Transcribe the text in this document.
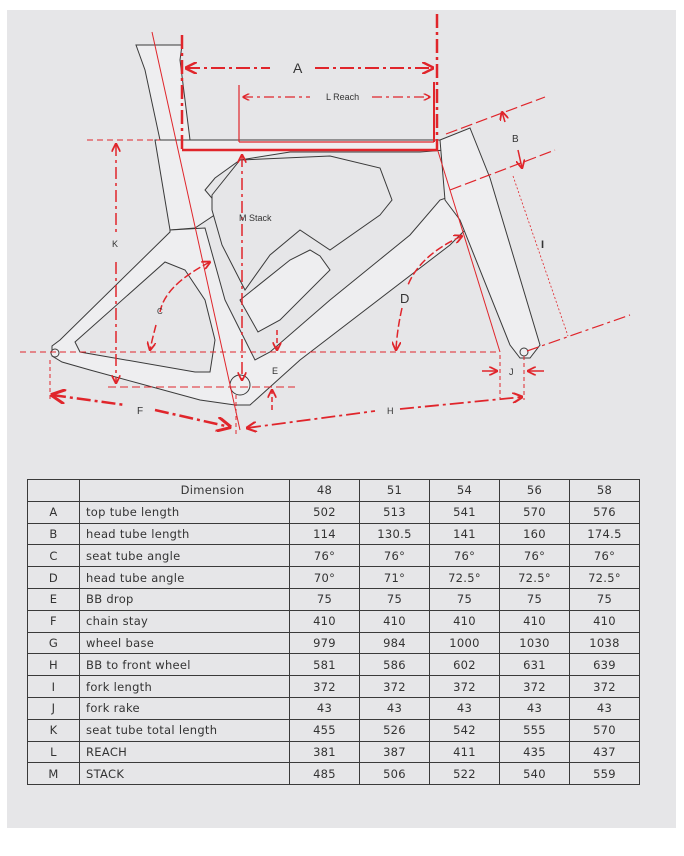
A
L Reach
B
M Stack
K	I
C
D
E	J
F	H
	Dimension	48	51	54	56	58
A	top tube length	502	513	541	570	576
B	head tube length	114	130.5	141	160	174.5
C	seat tube angle	76°	76°	76°	76°	76°
D	head tube angle	70°	71°	72.5°	72.5°	72.5°
E	BB drop	75	75	75	75	75
F	chain stay	410	410	410	410	410
G	wheel base	979	984	1000	1030	1038
H	BB to front wheel	581	586	602	631	639
I	fork length	372	372	372	372	372
J	fork rake	43	43	43	43	43
K	seat tube total length	455	526	542	555	570
L	REACH	381	387	411	435	437
M	STACK	485	506	522	540	559
